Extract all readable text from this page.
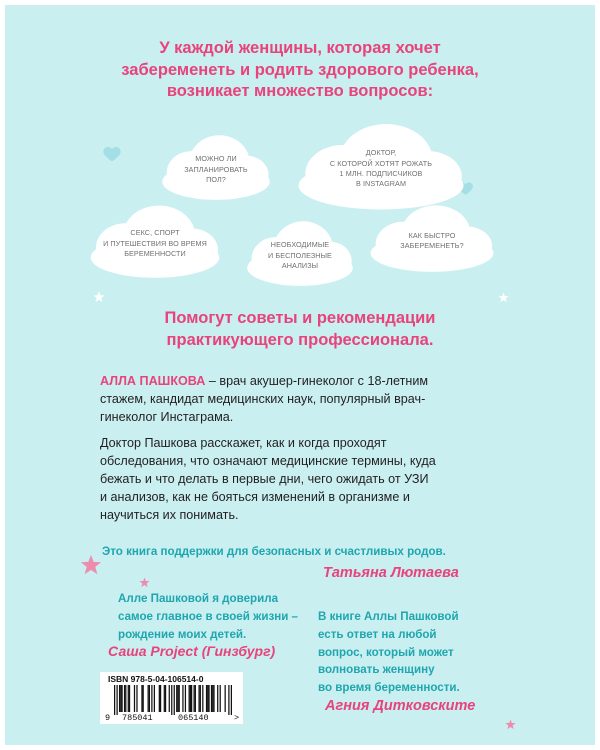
У каждой женщины, которая хочет
забеременеть и родить здорового ребенка,
возникает множество вопросов:
МОЖНО ЛИ
ЗАПЛАНИРОВАТЬ
ПОЛ?
ДОКТОР,
С КОТОРОЙ ХОТЯТ РОЖАТЬ
1 МЛН. ПОДПИСЧИКОВ
В INSTAGRAM
СЕКС, СПОРТ
И ПУТЕШЕСТВИЯ ВО ВРЕМЯ
БЕРЕМЕННОСТИ
НЕОБХОДИМЫЕ
И БЕСПОЛЕЗНЫЕ
АНАЛИЗЫ
КАК БЫСТРО
ЗАБЕРЕМЕНЕТЬ?
Помогут советы и рекомендации
практикующего профессионала.
АЛЛА ПАШКОВА – врач акушер-гинеколог с 18-летним
стажем, кандидат медицинских наук, популярный врач-
гинеколог Инстаграма.
Доктор Пашкова расскажет, как и когда проходят
обследования, что означают медицинские термины, куда
бежать и что делать в первые дни, чего ожидать от УЗИ
и анализов, как не бояться изменений в организме и
научиться их понимать.
Это книга поддержки для безопасных и счастливых родов.
Татьяна Лютаева
Алле Пашковой я доверила
самое главное в своей жизни –
рождение моих детей.
Саша Project (Гинзбург)
В книге Аллы Пашковой
есть ответ на любой
вопрос, который может
волновать женщину
во время беременности.
Агния Дитковските
ISBN 978-5-04-106514-0
9 785041	065140	>
